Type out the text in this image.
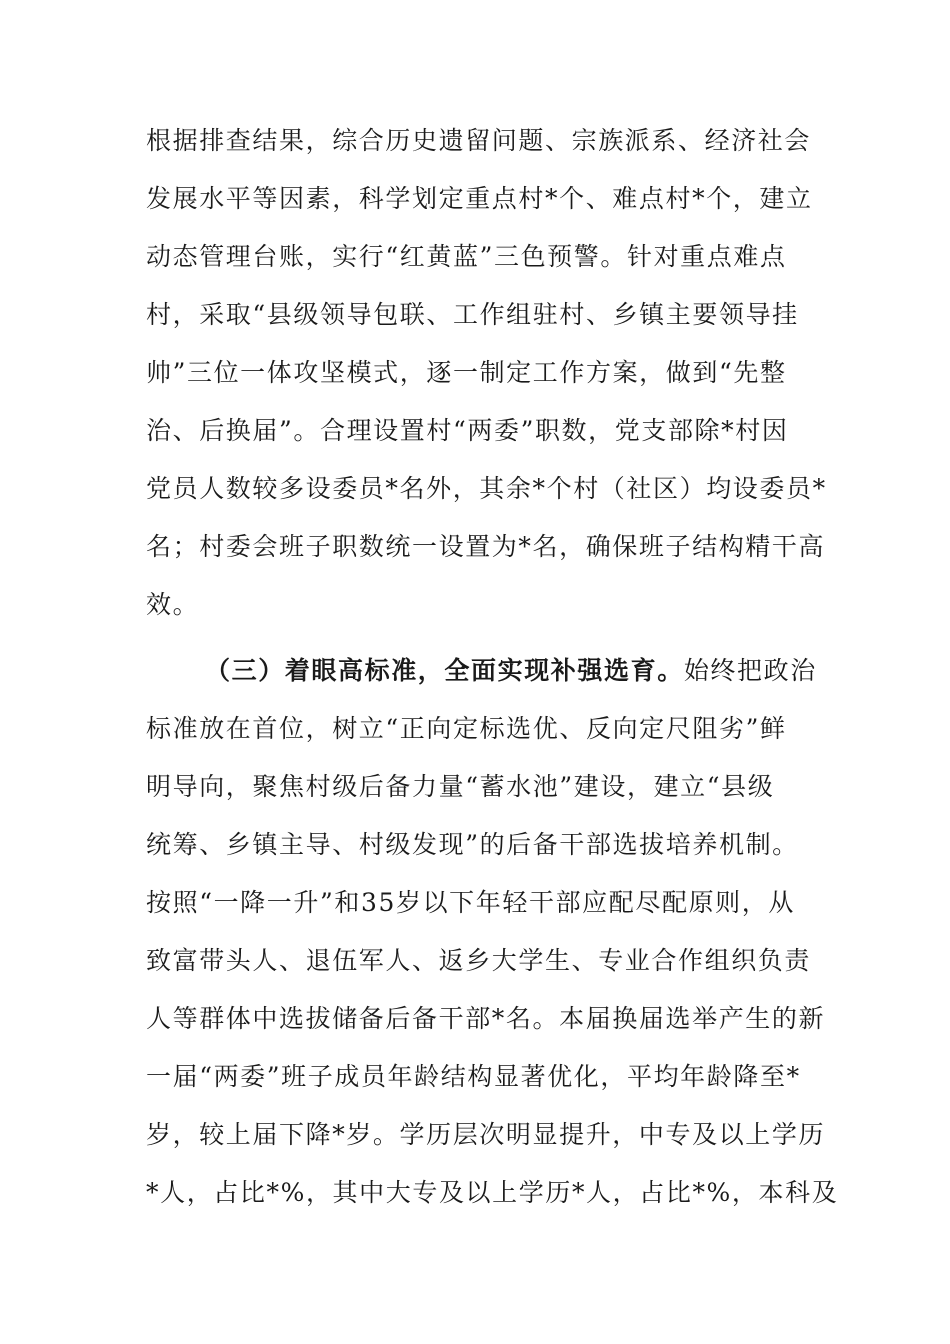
根据排查结果，综合历史遗留问题、宗族派系、经济社会
发展水平等因素，科学划定重点村*个、难点村*个，建立
动态管理台账，实行“红黄蓝”三色预警。针对重点难点
村，采取“县级领导包联、工作组驻村、乡镇主要领导挂
帅”三位一体攻坚模式，逐一制定工作方案，做到“先整
治、后换届”。合理设置村“两委”职数，党支部除*村因
党员人数较多设委员*名外，其余*个村（社区）均设委员*
名；村委会班子职数统一设置为*名，确保班子结构精干高
效。
（三）着眼高标准，全面实现补强选育。始终把政治
标准放在首位，树立“正向定标选优、反向定尺阻劣”鲜
明导向，聚焦村级后备力量“蓄水池”建设，建立“县级
统筹、乡镇主导、村级发现”的后备干部选拔培养机制。
按照“一降一升”和35岁以下年轻干部应配尽配原则，从
致富带头人、退伍军人、返乡大学生、专业合作组织负责
人等群体中选拔储备后备干部*名。本届换届选举产生的新
一届“两委”班子成员年龄结构显著优化，平均年龄降至*
岁，较上届下降*岁。学历层次明显提升，中专及以上学历
*人，占比*%，其中大专及以上学历*人，占比*%，本科及
